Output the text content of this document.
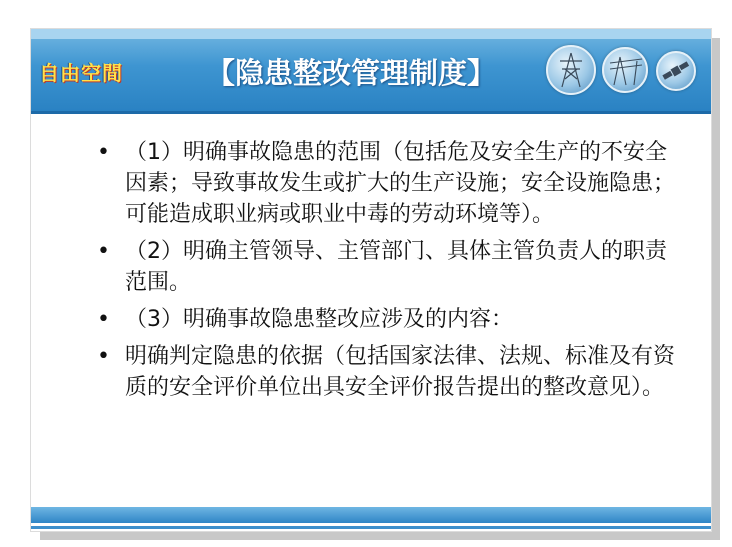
自由空間	【隐患整改管理制度】
• （1）明确事故隐患的范围（包括危及安全生产的不安全因素；导致事故发生或扩大的生产设施；安全设施隐患；可能造成职业病或职业中毒的劳动环境等）。
• （2）明确主管领导、主管部门、具体主管负责人的职责范围。
• （3）明确事故隐患整改应涉及的内容：
• 明确判定隐患的依据（包括国家法律、法规、标准及有资质的安全评价单位出具安全评价报告提出的整改意见）。
